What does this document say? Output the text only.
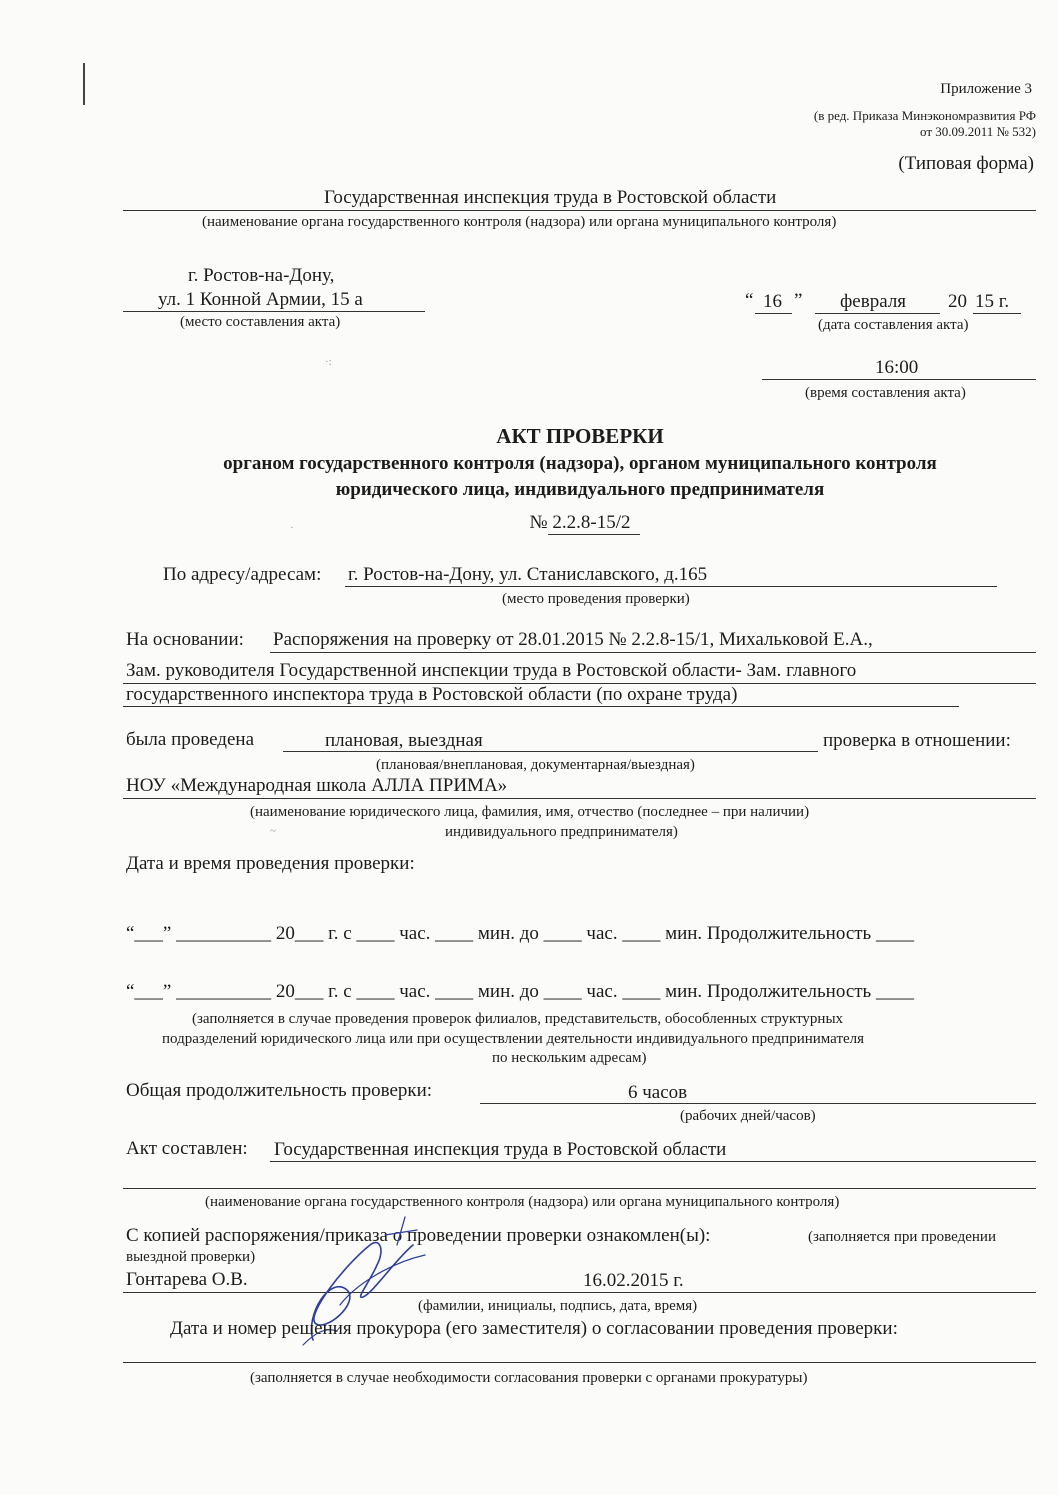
·:
·
~
Приложение 3
(в ред. Приказа Минэкономразвития РФ
от 30.09.2011 № 532)
(Типовая форма)
Государственная инспекция труда в Ростовской области
(наименование органа государственного контроля (надзора) или органа муниципального контроля)
г. Ростов-на-Дону,
ул. 1 Конной Армии, 15 а
(место составления акта)
“ 16 ” февраля 20 15 г.
(дата составления акта)
16:00
(время составления акта)
АКТ ПРОВЕРКИ
органом государственного контроля (надзора), органом муниципального контроля
юридического лица, индивидуального предпринимателя
№ 2.2.8-15/2
По адресу/адресам: г. Ростов-на-Дону, ул. Станиславского, д.165
(место проведения проверки)
На основании: Распоряжения на проверку от 28.01.2015 № 2.2.8-15/1, Михальковой Е.А.,
Зам. руководителя Государственной инспекции труда в Ростовской области- Зам. главного
государственного инспектора труда в Ростовской области (по охране труда)
была проведена	плановая, выездная	проверка в отношении:
(плановая/внеплановая, документарная/выездная)
НОУ «Международная школа АЛЛА ПРИМА»
(наименование юридического лица, фамилия, имя, отчество (последнее – при наличии)
индивидуального предпринимателя)
Дата и время проведения проверки:
“___” __________ 20___ г. с ____ час. ____ мин. до ____ час. ____ мин. Продолжительность ____
“___” __________ 20___ г. с ____ час. ____ мин. до ____ час. ____ мин. Продолжительность ____
(заполняется в случае проведения проверок филиалов, представительств, обособленных структурных
подразделений юридического лица или при осуществлении деятельности индивидуального предпринимателя
по нескольким адресам)
Общая продолжительность проверки:	6 часов
(рабочих дней/часов)
Акт составлен: Государственная инспекция труда в Ростовской области
(наименование органа государственного контроля (надзора) или органа муниципального контроля)
С копией распоряжения/приказа о проведении проверки ознакомлен(ы):	(заполняется при проведении
выездной проверки)
Гонтарева О.В.	16.02.2015 г.
(фамилии, инициалы, подпись, дата, время)
Дата и номер решения прокурора (его заместителя) о согласовании проведения проверки:
(заполняется в случае необходимости согласования проверки с органами прокуратуры)
